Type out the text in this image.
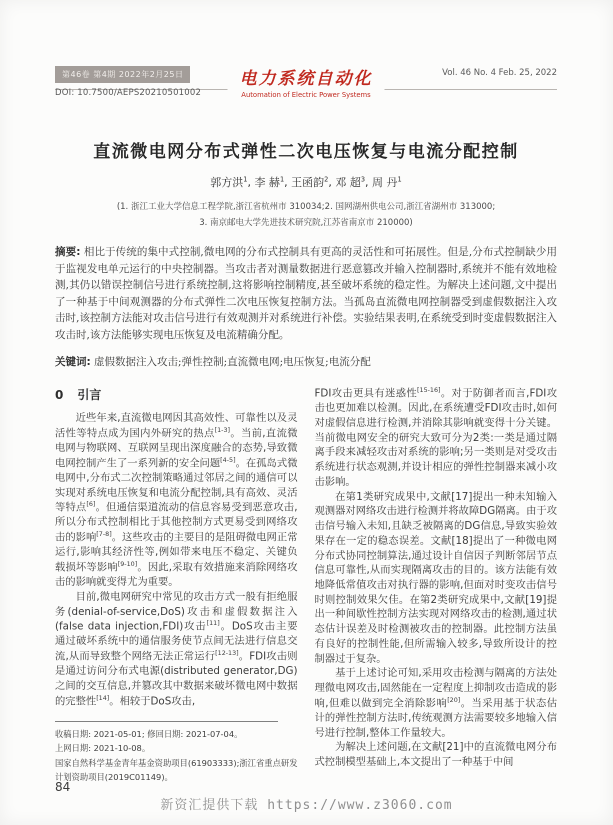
第46卷 第4期 2022年2月25日
DOI: 10.7500/AEPS20210501002
电力系统自动化
Automation of Electric Power Systems
Vol. 46 No. 4 Feb. 25, 2022
直流微电网分布式弹性二次电压恢复与电流分配控制
郭方洪$^1$, 李 赫$^1$, 王函韵$^2$, 邓 超$^3$, 周 丹$^1$
(1. 浙江工业大学信息工程学院,浙江省杭州市 310034;2. 国网湖州供电公司,浙江省湖州市 313000;
3. 南京邮电大学先进技术研究院,江苏省南京市 210000)

摘要: 相比于传统的集中式控制,微电网的分布式控制具有更高的灵活性和可拓展性。但是,分布式控制缺少用于监视发电单元运行的中央控制器。当攻击者对测量数据进行恶意篡改并输入控制器时,系统并不能有效地检测,其仍以错误控制信号进行系统控制,这将影响控制精度,甚至破坏系统的稳定性。为解决上述问题,文中提出了一种基于中间观测器的分布式弹性二次电压恢复控制方法。当孤岛直流微电网控制器受到虚假数据注入攻击时,该控制方法能对攻击信号进行有效观测并对系统进行补偿。实验结果表明,在系统受到时变虚假数据注入攻击时,该方法能够实现电压恢复及电流精确分配。

关键词: 虚假数据注入攻击;弹性控制;直流微电网;电压恢复;电流分配

0 引言

近些年来,直流微电网因其高效性、可靠性以及灵活性等特点成为国内外研究的热点[1-3]。当前,直流微电网与物联网、互联网呈现出深度融合的态势,导致微电网控制产生了一系列新的安全问题[4-5]。在孤岛式微电网中,分布式二次控制策略通过邻居之间的通信可以实现对系统电压恢复和电流分配控制,具有高效、灵活等特点[6]。但通信渠道流动的信息容易受到恶意攻击,所以分布式控制相比于其他控制方式更易受到网络攻击的影响[7-8]。这些攻击的主要目的是阻碍微电网正常运行,影响其经济性等,例如带来电压不稳定、关键负载损坏等影响[9-10]。因此,采取有效措施来消除网络攻击的影响就变得尤为重要。

目前,微电网研究中常见的攻击方式一般有拒绝服务(denial-of-service,DoS)攻击和虚假数据注入(false data injection,FDI)攻击[11]。DoS攻击主要通过破坏系统中的通信服务使节点间无法进行信息交流,从而导致整个网络无法正常运行[12-13]。FDI攻击则是通过访问分布式电源(distributed generator,DG)之间的交互信息,并篡改其中数据来破坏微电网中数据的完整性[14]。相较于DoS攻击,

收稿日期: 2021-05-01; 修回日期: 2021-07-04。
上网日期: 2021-10-08。
国家自然科学基金青年基金资助项目(61903333);浙江省重点研发计划资助项目(2019C01149)。

FDI攻击更具有迷惑性[15-16]。对于防御者而言,FDI攻击也更加难以检测。因此,在系统遭受FDI攻击时,如何对虚假信息进行检测,并消除其影响就变得十分关键。当前微电网安全的研究大致可分为2类:一类是通过隔离手段来减轻攻击对系统的影响;另一类则是对受攻击系统进行状态观测,并设计相应的弹性控制器来减小攻击影响。

在第1类研究成果中,文献[17]提出一种未知输入观测器对网络攻击进行检测并将故障DG隔离。由于攻击信号输入未知,且缺乏被隔离的DG信息,导致实验效果存在一定的稳态误差。文献[18]提出了一种微电网分布式协同控制算法,通过设计自信因子判断邻居节点信息可靠性,从而实现隔离攻击的目的。该方法能有效地降低常值攻击对执行器的影响,但面对时变攻击信号时则控制效果欠佳。在第2类研究成果中,文献[19]提出一种间歇性控制方法实现对网络攻击的检测,通过状态估计误差及时检测被攻击的控制器。此控制方法虽有良好的控制性能,但所需输入较多,导致所设计的控制器过于复杂。

基于上述讨论可知,采用攻击检测与隔离的方法处理微电网攻击,固然能在一定程度上抑制攻击造成的影响,但难以做到完全消除影响[20]。当采用基于状态估计的弹性控制方法时,传统观测方法需要较多地输入信号进行控制,整体工作量较大。

为解决上述问题,在文献[21]中的直流微电网分布式控制模型基础上,本文提出了一种基于中间

84
新资汇提供下载 https://www.z3060.com
